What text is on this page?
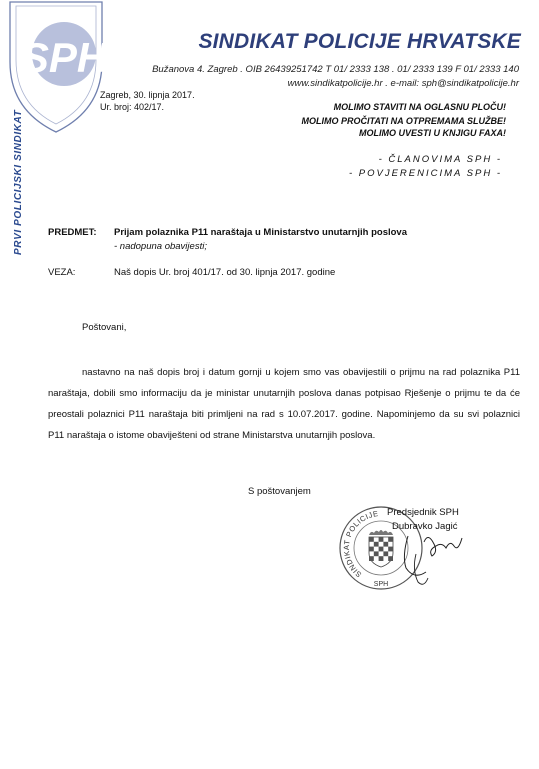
SPH
PRVI POLICIJSKI SINDIKAT
SINDIKAT POLICIJE HRVATSKE
Bužanova 4. Zagreb . OIB 26439251742 T 01/ 2333 138 . 01/ 2333 139 F 01/ 2333 140
www.sindikatpolicije.hr . e-mail: sph@sindikatpolicije.hr
Zagreb, 30. lipnja 2017.
Ur. broj: 402/17.	MOLIMO STAVITI NA OGLASNU PLOČU!
MOLIMO PROČITATI NA OTPREMAMA SLUŽBE!
MOLIMO UVESTI U KNJIGU FAXA!
- ČLANOVIMA SPH -
- POVJERENICIMA SPH -
PREDMET: Prijam polaznika P11 naraštaja u Ministarstvo unutarnjih poslova
- nadopuna obavijesti;
VEZA:	Naš dopis Ur. broj 401/17. od 30. lipnja 2017. godine
Poštovani,
nastavno na naš dopis broj i datum gornji u kojem smo vas obavijestili o prijmu na rad polaznika P11 naraštaja, dobili smo informaciju da je ministar unutarnjih poslova danas potpisao Rješenje o prijmu te da će preostali polaznici P11 naraštaja biti primljeni na rad s 10.07.2017. godine. Napominjemo da su svi polaznici P11 naraštaja o istome obaviješteni od strane Ministarstva unutarnjih poslova.
S poštovanjem
SINDIKAT POLICIJE
SPH
Predsjednik SPH
Dubravko Jagić
